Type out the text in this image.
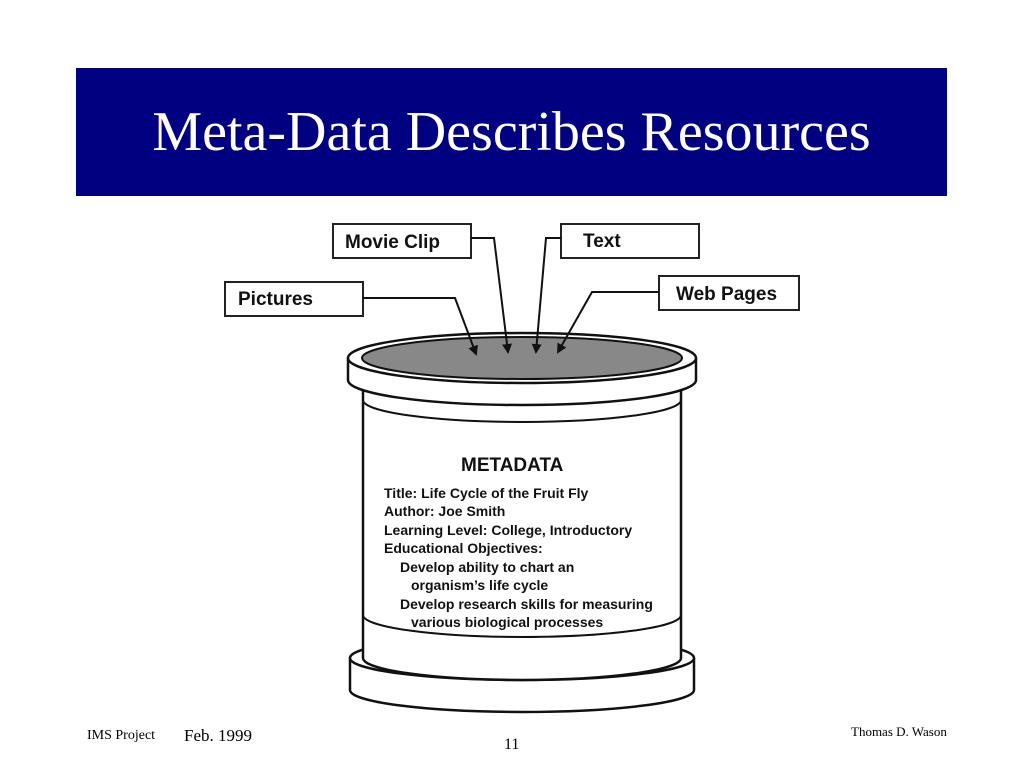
Meta-Data Describes Resources
Movie Clip	Text
Pictures	Web Pages
METADATA
Title: Life Cycle of the Fruit Fly
Author: Joe Smith
Learning Level: College, Introductory
Educational Objectives:
Develop ability to chart an
organism’s life cycle
Develop research skills for measuring
various biological processes
IMS Project Feb. 1999	11
Thomas D. Wason
